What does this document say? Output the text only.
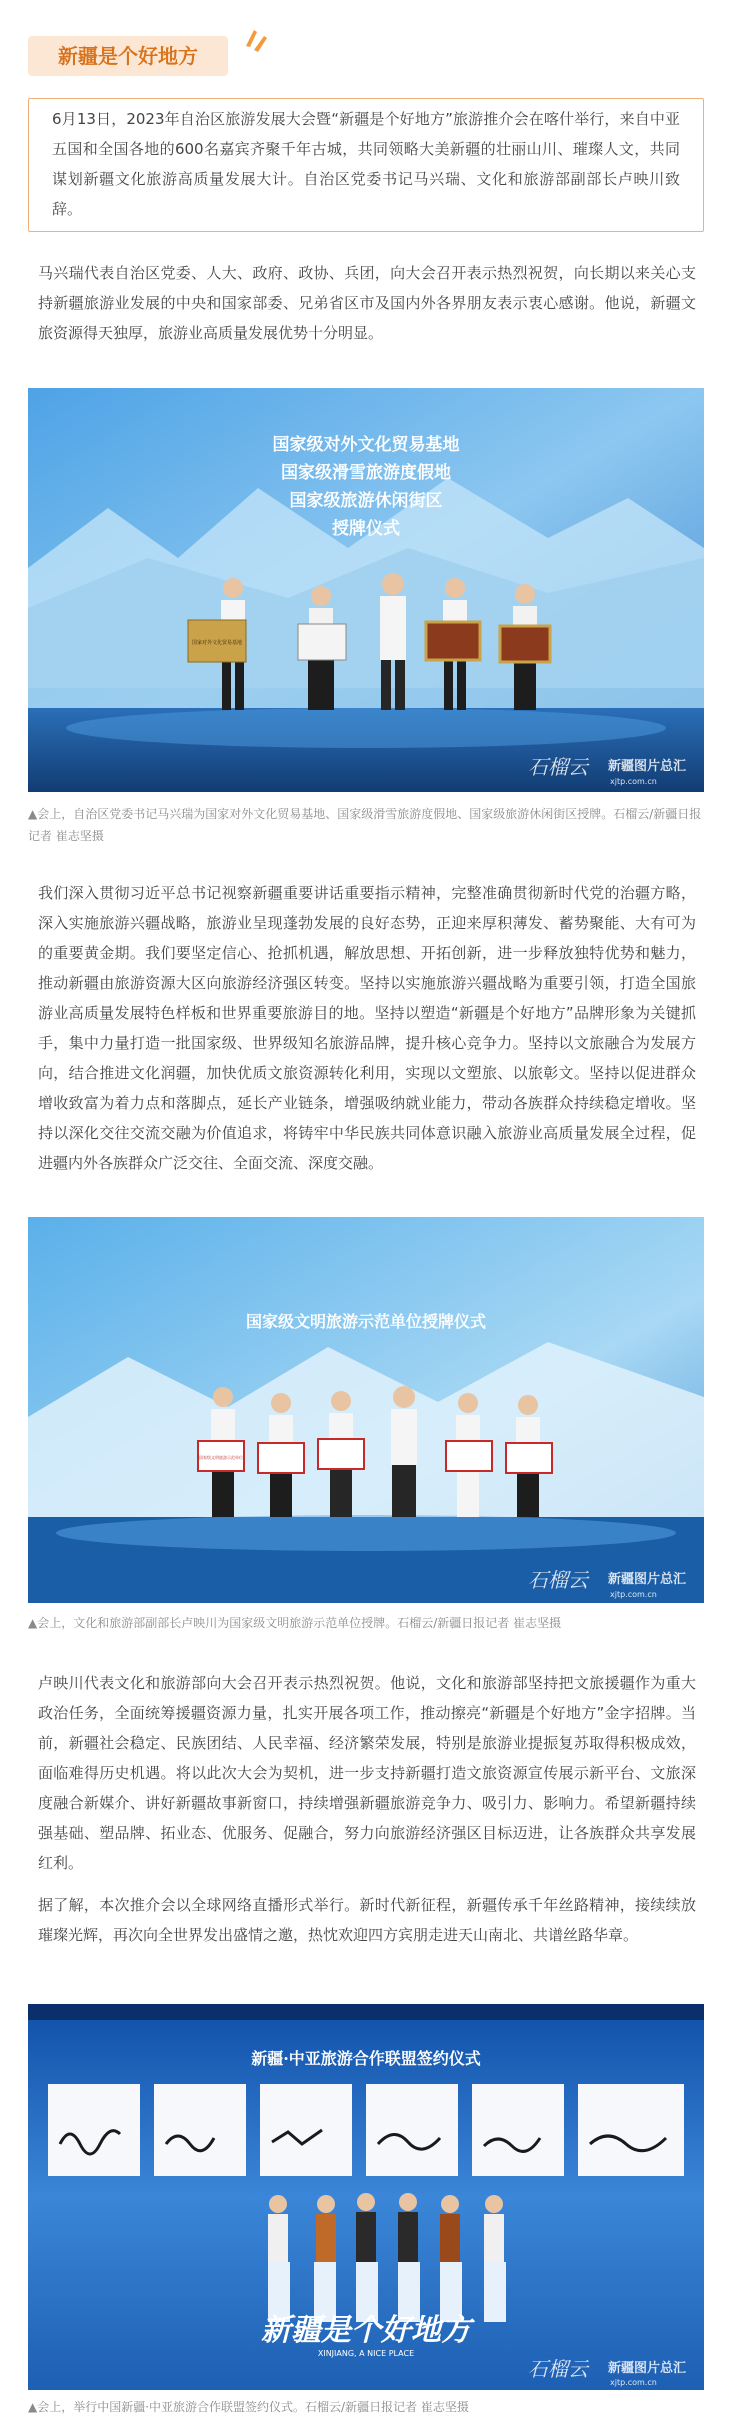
新疆是个好地方
6月13日，2023年自治区旅游发展大会暨“新疆是个好地方”旅游推介会在喀什举行，来自中亚五国和全国各地的600名嘉宾齐聚千年古城，共同领略大美新疆的壮丽山川、璀璨人文，共同谋划新疆文化旅游高质量发展大计。自治区党委书记马兴瑞、文化和旅游部副部长卢映川致辞。
马兴瑞代表自治区党委、人大、政府、政协、兵团，向大会召开表示热烈祝贺，向长期以来关心支持新疆旅游业发展的中央和国家部委、兄弟省区市及国内外各界朋友表示衷心感谢。他说，新疆文旅资源得天独厚，旅游业高质量发展优势十分明显。
国家级对外文化贸易基地
国家级滑雪旅游度假地
国家级旅游休闲街区
授牌仪式
国家对外文化贸易基地
石榴云 新疆图片总汇
xjtp.com.cn
▲会上，自治区党委书记马兴瑞为国家对外文化贸易基地、国家级滑雪旅游度假地、国家级旅游休闲街区授牌。石榴云/新疆日报记者 崔志坚摄
我们深入贯彻习近平总书记视察新疆重要讲话重要指示精神，完整准确贯彻新时代党的治疆方略，深入实施旅游兴疆战略，旅游业呈现蓬勃发展的良好态势，正迎来厚积薄发、蓄势聚能、大有可为的重要黄金期。我们要坚定信心、抢抓机遇，解放思想、开拓创新，进一步释放独特优势和魅力，推动新疆由旅游资源大区向旅游经济强区转变。坚持以实施旅游兴疆战略为重要引领，打造全国旅游业高质量发展特色样板和世界重要旅游目的地。坚持以塑造“新疆是个好地方”品牌形象为关键抓手，集中力量打造一批国家级、世界级知名旅游品牌，提升核心竞争力。坚持以文旅融合为发展方向，结合推进文化润疆，加快优质文旅资源转化利用，实现以文塑旅、以旅彰文。坚持以促进群众增收致富为着力点和落脚点，延长产业链条，增强吸纳就业能力，带动各族群众持续稳定增收。坚持以深化交往交流交融为价值追求，将铸牢中华民族共同体意识融入旅游业高质量发展全过程，促进疆内外各族群众广泛交往、全面交流、深度交融。
国家级文明旅游示范单位授牌仪式
国家级文明旅游示范单位
石榴云 新疆图片总汇
xjtp.com.cn
▲会上，文化和旅游部副部长卢映川为国家级文明旅游示范单位授牌。石榴云/新疆日报记者 崔志坚摄
卢映川代表文化和旅游部向大会召开表示热烈祝贺。他说，文化和旅游部坚持把文旅援疆作为重大政治任务，全面统筹援疆资源力量，扎实开展各项工作，推动擦亮“新疆是个好地方”金字招牌。当前，新疆社会稳定、民族团结、人民幸福、经济繁荣发展，特别是旅游业提振复苏取得积极成效，面临难得历史机遇。将以此次大会为契机，进一步支持新疆打造文旅资源宣传展示新平台、文旅深度融合新媒介、讲好新疆故事新窗口，持续增强新疆旅游竞争力、吸引力、影响力。希望新疆持续强基础、塑品牌、拓业态、优服务、促融合，努力向旅游经济强区目标迈进，让各族群众共享发展红利。
据了解，本次推介会以全球网络直播形式举行。新时代新征程，新疆传承千年丝路精神，接续续放璀璨光辉，再次向全世界发出盛情之邀，热忱欢迎四方宾朋走进天山南北、共谱丝路华章。
新疆·中亚旅游合作联盟签约仪式
新疆是个好地方
XINJIANG, A NICE PLACE
石榴云 新疆图片总汇
xjtp.com.cn
▲会上，举行中国新疆·中亚旅游合作联盟签约仪式。石榴云/新疆日报记者 崔志坚摄
